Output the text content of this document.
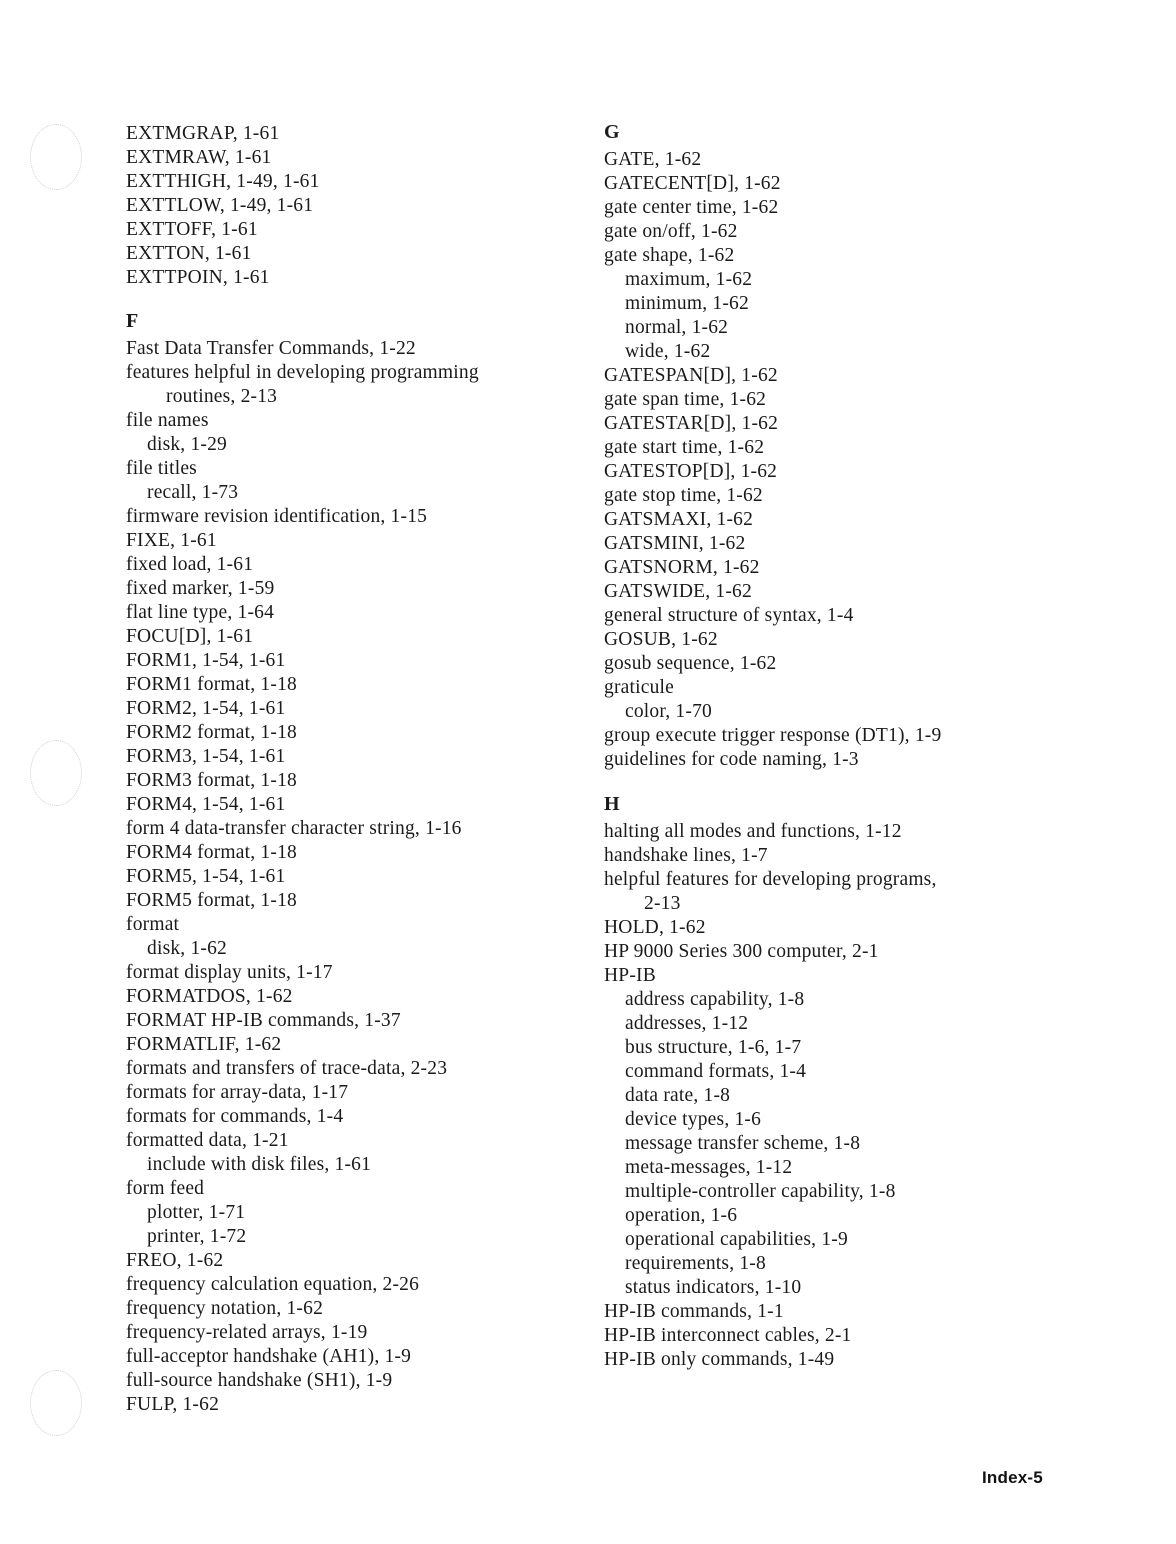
EXTMGRAP, 1-61
EXTMRAW, 1-61
EXTTHIGH, 1-49, 1-61
EXTTLOW, 1-49, 1-61
EXTTOFF, 1-61
EXTTON, 1-61
EXTTPOIN, 1-61
F
Fast Data Transfer Commands, 1-22
features helpful in developing programming
routines, 2-13
file names
disk, 1-29
file titles
recall, 1-73
firmware revision identification, 1-15
FIXE, 1-61
fixed load, 1-61
fixed marker, 1-59
flat line type, 1-64
FOCU[D], 1-61
FORM1, 1-54, 1-61
FORM1 format, 1-18
FORM2, 1-54, 1-61
FORM2 format, 1-18
FORM3, 1-54, 1-61
FORM3 format, 1-18
FORM4, 1-54, 1-61
form 4 data-transfer character string, 1-16
FORM4 format, 1-18
FORM5, 1-54, 1-61
FORM5 format, 1-18
format
disk, 1-62
format display units, 1-17
FORMATDOS, 1-62
FORMAT HP-IB commands, 1-37
FORMATLIF, 1-62
formats and transfers of trace-data, 2-23
formats for array-data, 1-17
formats for commands, 1-4
formatted data, 1-21
include with disk files, 1-61
form feed
plotter, 1-71
printer, 1-72
FREO, 1-62
frequency calculation equation, 2-26
frequency notation, 1-62
frequency-related arrays, 1-19
full-acceptor handshake (AH1), 1-9
full-source handshake (SH1), 1-9
FULP, 1-62
G
GATE, 1-62
GATECENT[D], 1-62
gate center time, 1-62
gate on/off, 1-62
gate shape, 1-62
maximum, 1-62
minimum, 1-62
normal, 1-62
wide, 1-62
GATESPAN[D], 1-62
gate span time, 1-62
GATESTAR[D], 1-62
gate start time, 1-62
GATESTOP[D], 1-62
gate stop time, 1-62
GATSMAXI, 1-62
GATSMINI, 1-62
GATSNORM, 1-62
GATSWIDE, 1-62
general structure of syntax, 1-4
GOSUB, 1-62
gosub sequence, 1-62
graticule
color, 1-70
group execute trigger response (DT1), 1-9
guidelines for code naming, 1-3
H
halting all modes and functions, 1-12
handshake lines, 1-7
helpful features for developing programs,
2-13
HOLD, 1-62
HP 9000 Series 300 computer, 2-1
HP-IB
address capability, 1-8
addresses, 1-12
bus structure, 1-6, 1-7
command formats, 1-4
data rate, 1-8
device types, 1-6
message transfer scheme, 1-8
meta-messages, 1-12
multiple-controller capability, 1-8
operation, 1-6
operational capabilities, 1-9
requirements, 1-8
status indicators, 1-10
HP-IB commands, 1-1
HP-IB interconnect cables, 2-1
HP-IB only commands, 1-49
Index-5
